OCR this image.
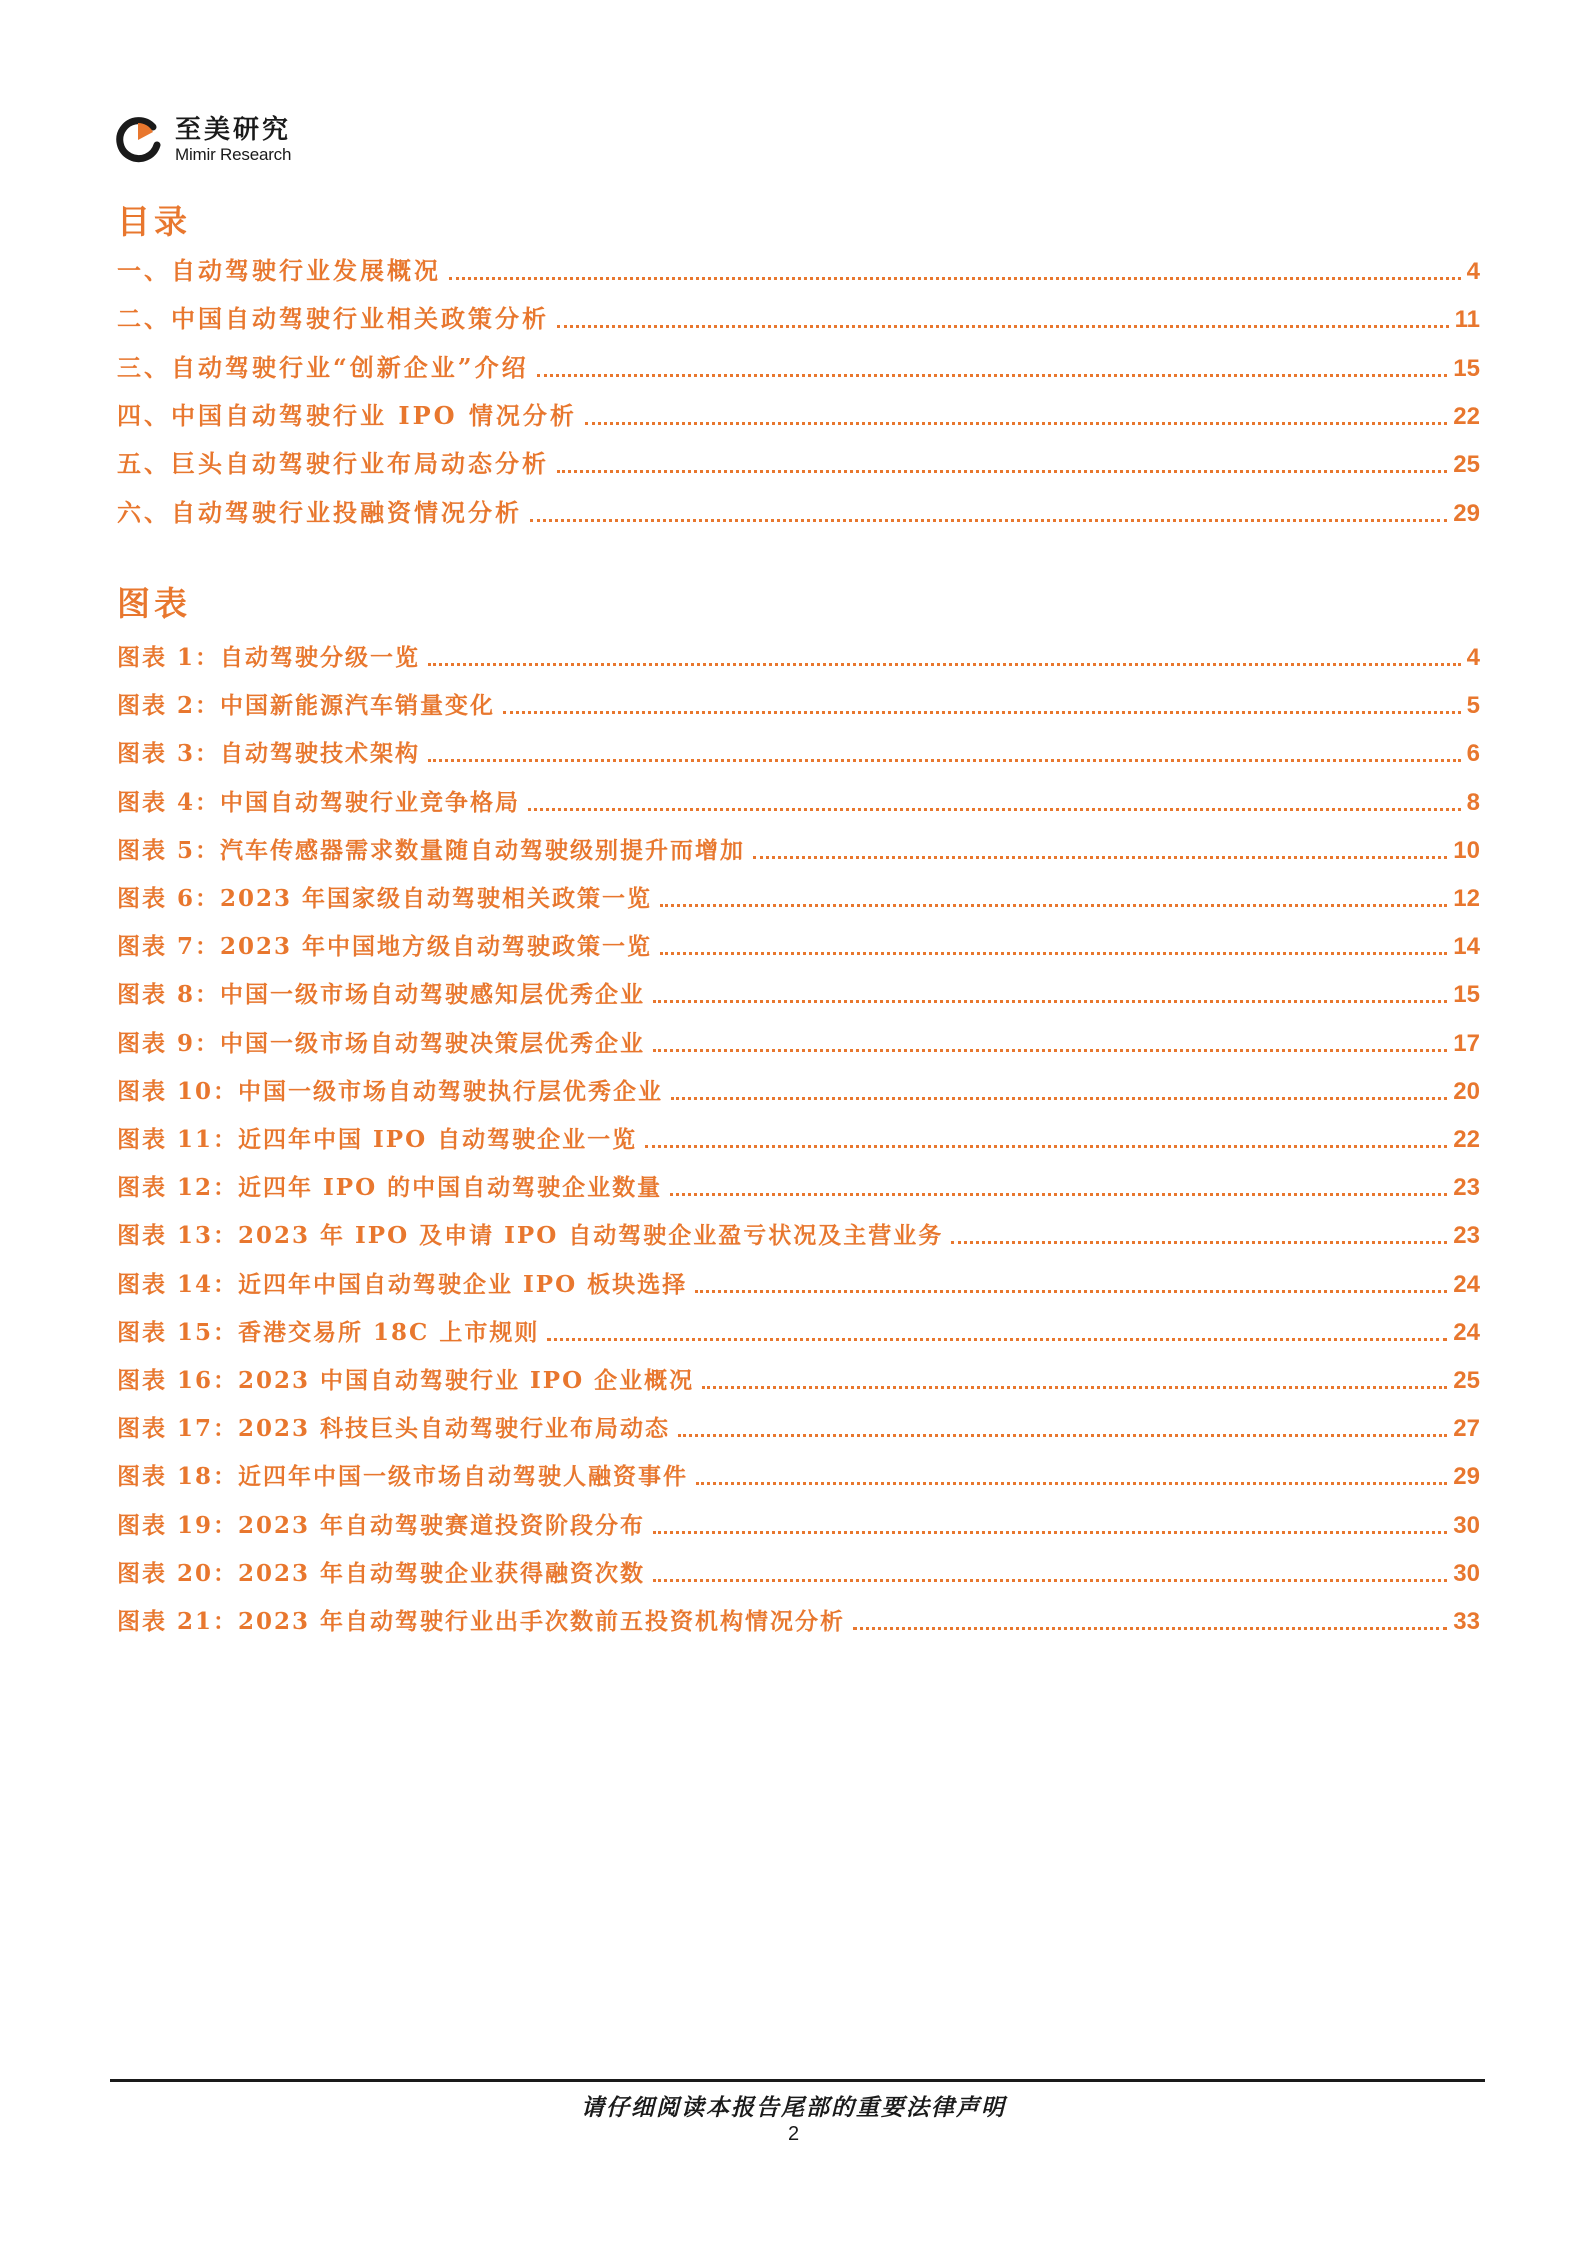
至美研究
Mimir Research
目录
一、自动驾驶行业发展概况	4
二、中国自动驾驶行业相关政策分析	11
三、自动驾驶行业“创新企业”介绍	15
四、中国自动驾驶行业 IPO 情况分析	22
五、巨头自动驾驶行业布局动态分析	25
六、自动驾驶行业投融资情况分析	29
图表
图表 1：自动驾驶分级一览	4
图表 2：中国新能源汽车销量变化	5
图表 3：自动驾驶技术架构	6
图表 4：中国自动驾驶行业竞争格局	8
图表 5：汽车传感器需求数量随自动驾驶级别提升而增加	10
图表 6：2023 年国家级自动驾驶相关政策一览	12
图表 7：2023 年中国地方级自动驾驶政策一览	14
图表 8：中国一级市场自动驾驶感知层优秀企业	15
图表 9：中国一级市场自动驾驶决策层优秀企业	17
图表 10：中国一级市场自动驾驶执行层优秀企业	20
图表 11：近四年中国 IPO 自动驾驶企业一览	22
图表 12：近四年 IPO 的中国自动驾驶企业数量	23
图表 13：2023 年 IPO 及申请 IPO 自动驾驶企业盈亏状况及主营业务	23
图表 14：近四年中国自动驾驶企业 IPO 板块选择	24
图表 15：香港交易所 18C 上市规则	24
图表 16：2023 中国自动驾驶行业 IPO 企业概况	25
图表 17：2023 科技巨头自动驾驶行业布局动态	27
图表 18：近四年中国一级市场自动驾驶人融资事件	29
图表 19：2023 年自动驾驶赛道投资阶段分布	30
图表 20：2023 年自动驾驶企业获得融资次数	30
图表 21：2023 年自动驾驶行业出手次数前五投资机构情况分析	33
请仔细阅读本报告尾部的重要法律声明
2
